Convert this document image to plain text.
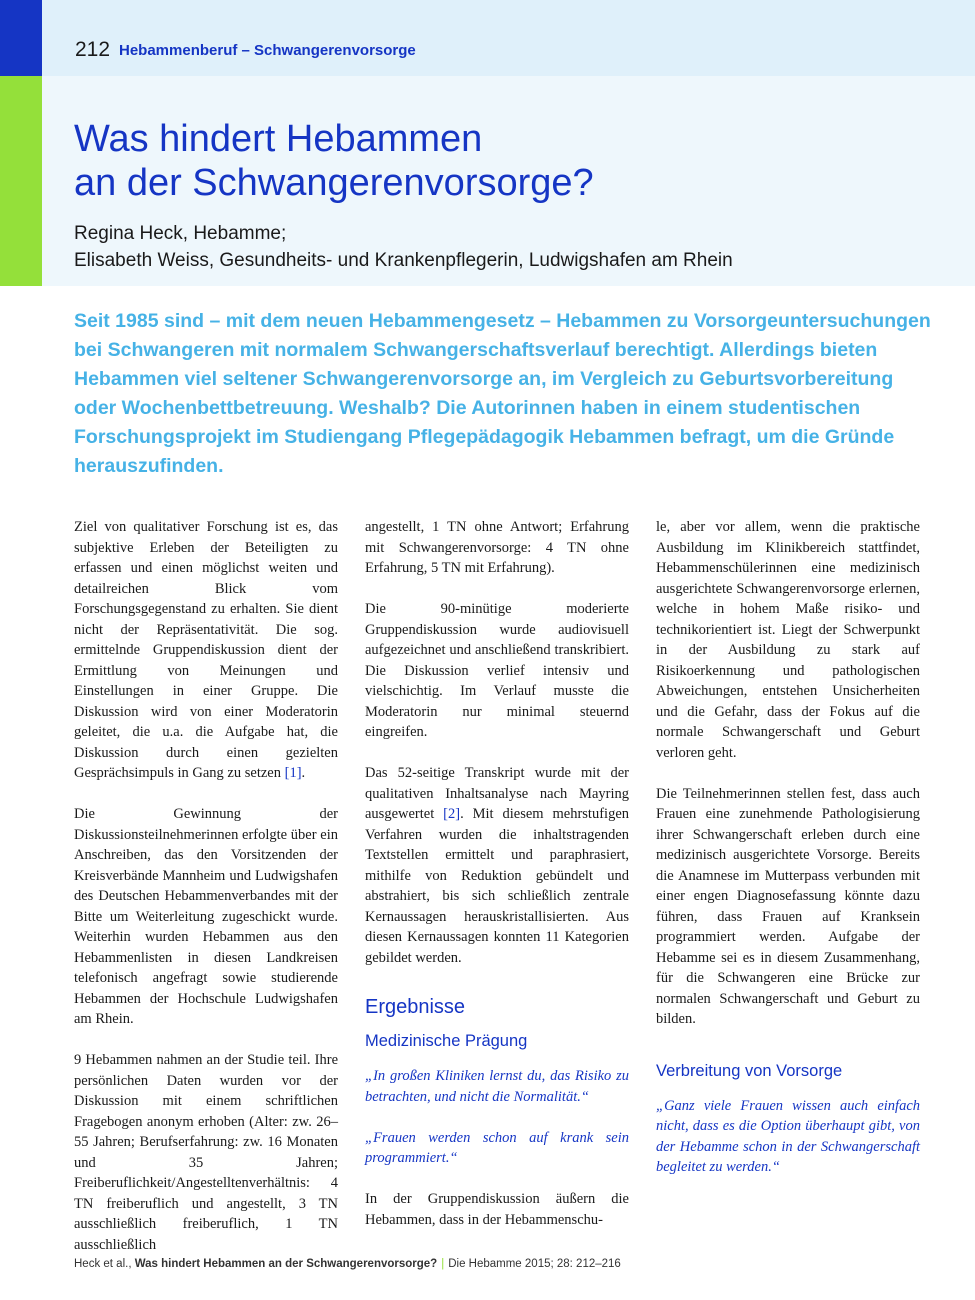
212 Hebammenberuf – Schwangerenvorsorge
Was hindert Hebammen
an der Schwangerenvorsorge?
Regina Heck, Hebamme;
Elisabeth Weiss, Gesundheits- und Krankenpflegerin, Ludwigshafen am Rhein

Seit 1985 sind – mit dem neuen Hebammengesetz – Hebammen zu Vorsorgeuntersuchungen bei Schwangeren mit normalem Schwangerschaftsverlauf berechtigt. Allerdings bieten Hebammen viel seltener Schwangerenvorsorge an, im Vergleich zu Geburtsvorbereitung oder Wochenbettbetreuung. Weshalb? Die Autorinnen haben in einem studentischen Forschungsprojekt im Studiengang Pflegepädagogik Hebammen befragt, um die Gründe herauszufinden.

Ziel von qualitativer Forschung ist es, das subjektive Erleben der Beteiligten zu erfassen und einen möglichst weiten und detailreichen Blick vom Forschungsgegenstand zu erhalten. Sie dient nicht der Repräsentativität. Die sog. ermittelnde Gruppendiskussion dient der Ermittlung von Meinungen und Einstellungen in einer Gruppe. Die Diskussion wird von einer Moderatorin geleitet, die u.a. die Aufgabe hat, die Diskussion durch einen gezielten Gesprächsimpuls in Gang zu setzen [1].

Die Gewinnung der Diskussionsteilnehmerinnen erfolgte über ein Anschreiben, das den Vorsitzenden der Kreisverbände Mannheim und Ludwigshafen des Deutschen Hebammenverbandes mit der Bitte um Weiterleitung zugeschickt wurde. Weiterhin wurden Hebammen aus den Hebammenlisten in diesen Landkreisen telefonisch angefragt sowie studierende Hebammen der Hochschule Ludwigshafen am Rhein.

9 Hebammen nahmen an der Studie teil. Ihre persönlichen Daten wurden vor der Diskussion mit einem schriftlichen Fragebogen anonym erhoben (Alter: zw. 26–55 Jahren; Berufserfahrung: zw. 16 Monaten und 35 Jahren; Freiberuflichkeit/Angestelltenverhältnis: 4 TN freiberuflich und angestellt, 3 TN ausschließlich freiberuflich, 1 TN ausschließlich

angestellt, 1 TN ohne Antwort; Erfahrung mit Schwangerenvorsorge: 4 TN ohne Erfahrung, 5 TN mit Erfahrung).

Die 90-minütige moderierte Gruppendiskussion wurde audiovisuell aufgezeichnet und anschließend transkribiert. Die Diskussion verlief intensiv und vielschichtig. Im Verlauf musste die Moderatorin nur minimal steuernd eingreifen.

Das 52-seitige Transkript wurde mit der qualitativen Inhaltsanalyse nach Mayring ausgewertet [2]. Mit diesem mehrstufigen Verfahren wurden die inhaltstragenden Textstellen ermittelt und paraphrasiert, mithilfe von Reduktion gebündelt und abstrahiert, bis sich schließlich zentrale Kernaussagen herauskristallisierten. Aus diesen Kernaussagen konnten 11 Kategorien gebildet werden.

Ergebnisse
Medizinische Prägung

„In großen Kliniken lernst du, das Risiko zu betrachten, und nicht die Normalität.“

„Frauen werden schon auf krank sein programmiert.“

In der Gruppendiskussion äußern die Hebammen, dass in der Hebammenschu-

le, aber vor allem, wenn die praktische Ausbildung im Klinikbereich stattfindet, Hebammenschülerinnen eine medizinisch ausgerichtete Schwangerenvorsorge erlernen, welche in hohem Maße risiko- und technikorientiert ist. Liegt der Schwerpunkt in der Ausbildung zu stark auf Risikoerkennung und pathologischen Abweichungen, entstehen Unsicherheiten und die Gefahr, dass der Fokus auf die normale Schwangerschaft und Geburt verloren geht.

Die Teilnehmerinnen stellen fest, dass auch Frauen eine zunehmende Pathologisierung ihrer Schwangerschaft erleben durch eine medizinisch ausgerichtete Vorsorge. Bereits die Anamnese im Mutterpass verbunden mit einer engen Diagnosefassung könnte dazu führen, dass Frauen auf Kranksein programmiert werden. Aufgabe der Hebamme sei es in diesem Zusammenhang, für die Schwangeren eine Brücke zur normalen Schwangerschaft und Geburt zu bilden.

Verbreitung von Vorsorge

„Ganz viele Frauen wissen auch einfach nicht, dass es die Option überhaupt gibt, von der Hebamme schon in der Schwangerschaft begleitet zu werden.“

Heck et al., Was hindert Hebammen an der Schwangerenvorsorge? | Die Hebamme 2015; 28: 212–216
